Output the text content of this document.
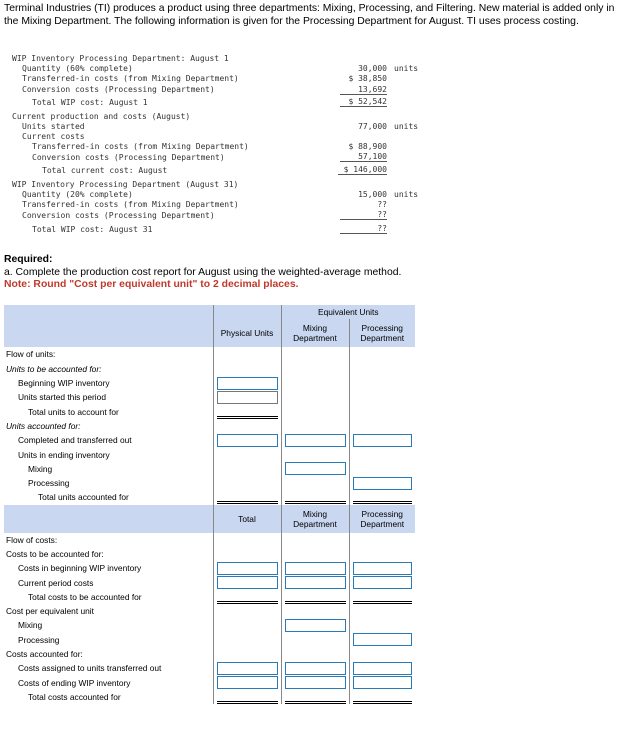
Terminal Industries (TI) produces a product using three departments: Mixing, Processing, and Filtering. New material is added only in the Mixing Department. The following information is given for the Processing Department for August. TI uses process costing.
WIP Inventory Processing Department: August 1
Quantity (60% complete)	30,000 units
Transferred-in costs (from Mixing Department)	$ 38,850
Conversion costs (Processing Department)	13,692
Total WIP cost: August 1	$ 52,542
Current production and costs (August)
Units started	77,000 units
Current costs
Transferred-in costs (from Mixing Department)	$ 88,900
Conversion costs (Processing Department)	57,100
Total current cost: August	$ 146,000
WIP Inventory Processing Department (August 31)
Quantity (20% complete)	15,000 units
Transferred-in costs (from Mixing Department)	??
Conversion costs (Processing Department)	??
Total WIP cost: August 31	??
Required:
a. Complete the production cost report for August using the weighted-average method.
Note: Round "Cost per equivalent unit" to 2 decimal places.
		Equivalent Units	
	Physical Units	Mixing Department	Processing Department
Flow of units:			
Units to be accounted for:			
Beginning WIP inventory	

Units started this period	

Total units to account for	

Units accounted for:			
Completed and transferred out	

Units in ending inventory			
Mixing		

Processing			

Total units accounted for	

	Total	Mixing Department	Processing Department
Flow of costs:			
Costs to be accounted for:			
Costs in beginning WIP inventory	

Current period costs	

Total costs to be accounted for	

Cost per equivalent unit			
Mixing		

Processing			

Costs accounted for:			
Costs assigned to units transferred out	

Costs of ending WIP inventory	

Total costs accounted for	
